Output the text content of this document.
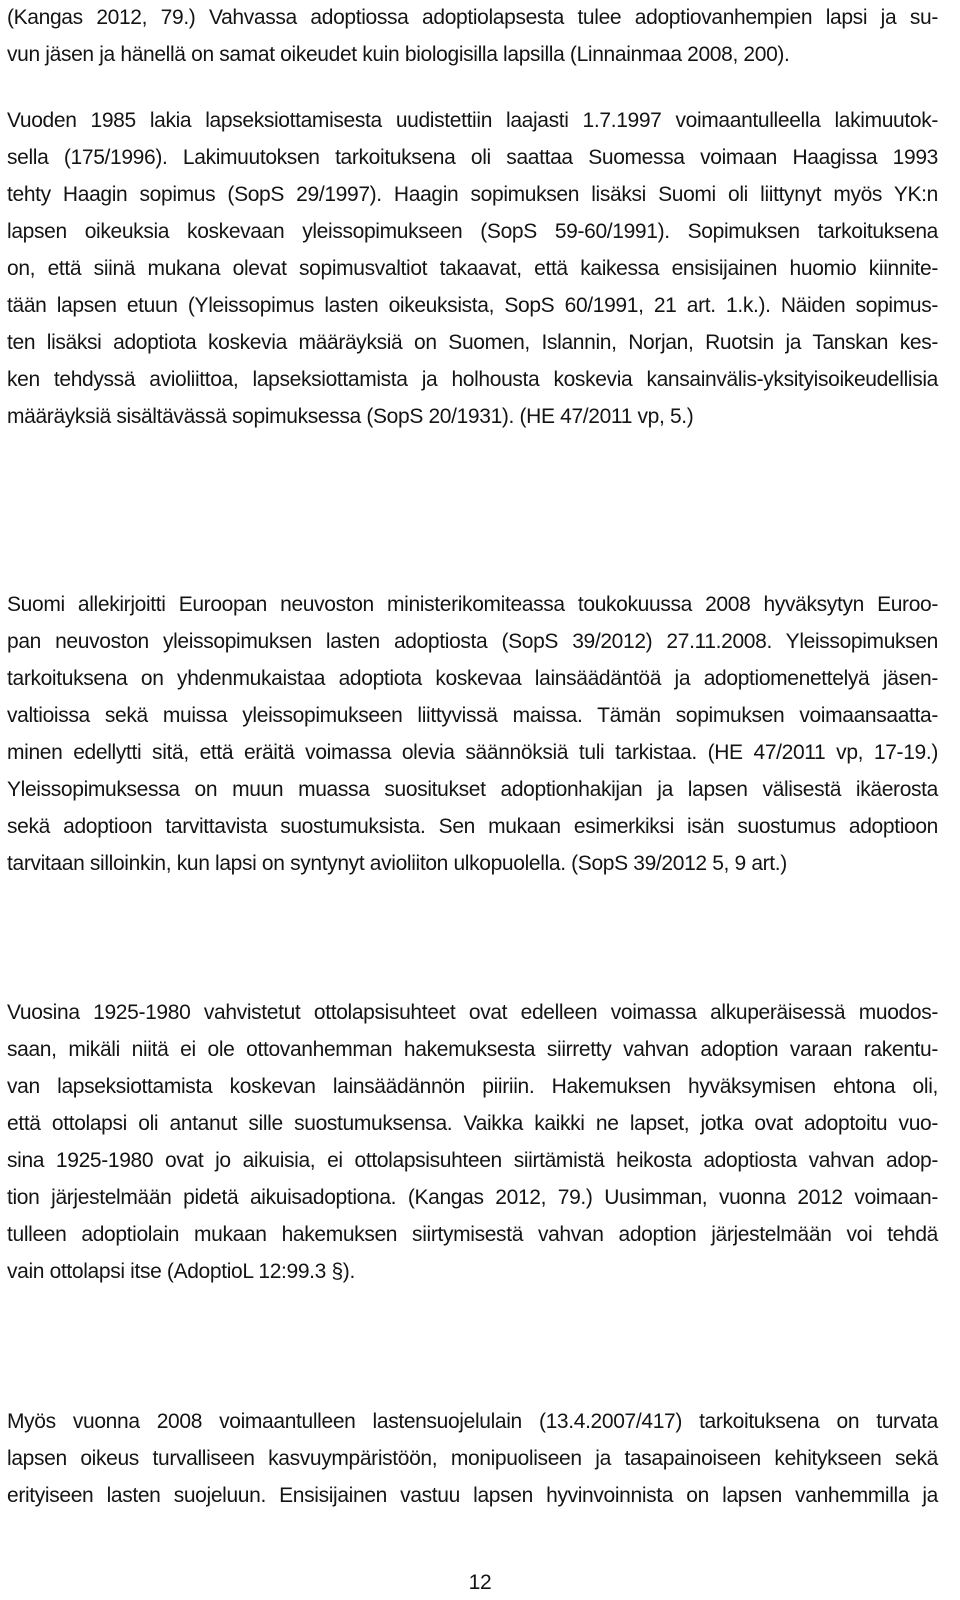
(Kangas 2012, 79.) Vahvassa adoptiossa adoptiolapsesta tulee adoptiovanhempien lapsi ja su-
vun jäsen ja hänellä on samat oikeudet kuin biologisilla lapsilla (Linnainmaa 2008, 200).
Vuoden 1985 lakia lapseksiottamisesta uudistettiin laajasti 1.7.1997 voimaantulleella lakimuutok-
sella (175/1996). Lakimuutoksen tarkoituksena oli saattaa Suomessa voimaan Haagissa 1993
tehty Haagin sopimus (SopS 29/1997). Haagin sopimuksen lisäksi Suomi oli liittynyt myös YK:n
lapsen oikeuksia koskevaan yleissopimukseen (SopS 59-60/1991). Sopimuksen tarkoituksena
on, että siinä mukana olevat sopimusvaltiot takaavat, että kaikessa ensisijainen huomio kiinnite-
tään lapsen etuun (Yleissopimus lasten oikeuksista, SopS 60/1991, 21 art. 1.k.). Näiden sopimus-
ten lisäksi adoptiota koskevia määräyksiä on Suomen, Islannin, Norjan, Ruotsin ja Tanskan kes-
ken tehdyssä avioliittoa, lapseksiottamista ja holhousta koskevia kansainvälis-yksityisoikeudellisia
määräyksiä sisältävässä sopimuksessa (SopS 20/1931). (HE 47/2011 vp, 5.)
Suomi allekirjoitti Euroopan neuvoston ministerikomiteassa toukokuussa 2008 hyväksytyn Euroo-
pan neuvoston yleissopimuksen lasten adoptiosta (SopS 39/2012) 27.11.2008. Yleissopimuksen
tarkoituksena on yhdenmukaistaa adoptiota koskevaa lainsäädäntöä ja adoptiomenettelyä jäsen-
valtioissa sekä muissa yleissopimukseen liittyvissä maissa. Tämän sopimuksen voimaansaatta-
minen edellytti sitä, että eräitä voimassa olevia säännöksiä tuli tarkistaa. (HE 47/2011 vp, 17-19.)
Yleissopimuksessa on muun muassa suositukset adoptionhakijan ja lapsen välisestä ikäerosta
sekä adoptioon tarvittavista suostumuksista. Sen mukaan esimerkiksi isän suostumus adoptioon
tarvitaan silloinkin, kun lapsi on syntynyt avioliiton ulkopuolella. (SopS 39/2012 5, 9 art.)
Vuosina 1925-1980 vahvistetut ottolapsisuhteet ovat edelleen voimassa alkuperäisessä muodos-
saan, mikäli niitä ei ole ottovanhemman hakemuksesta siirretty vahvan adoption varaan rakentu-
van lapseksiottamista koskevan lainsäädännön piiriin. Hakemuksen hyväksymisen ehtona oli,
että ottolapsi oli antanut sille suostumuksensa. Vaikka kaikki ne lapset, jotka ovat adoptoitu vuo-
sina 1925-1980 ovat jo aikuisia, ei ottolapsisuhteen siirtämistä heikosta adoptiosta vahvan adop-
tion järjestelmään pidetä aikuisadoptiona. (Kangas 2012, 79.) Uusimman, vuonna 2012 voimaan-
tulleen adoptiolain mukaan hakemuksen siirtymisestä vahvan adoption järjestelmään voi tehdä
vain ottolapsi itse (AdoptioL 12:99.3 §).
Myös vuonna 2008 voimaantulleen lastensuojelulain (13.4.2007/417) tarkoituksena on turvata
lapsen oikeus turvalliseen kasvuympäristöön, monipuoliseen ja tasapainoiseen kehitykseen sekä
erityiseen lasten suojeluun. Ensisijainen vastuu lapsen hyvinvoinnista on lapsen vanhemmilla ja
12
